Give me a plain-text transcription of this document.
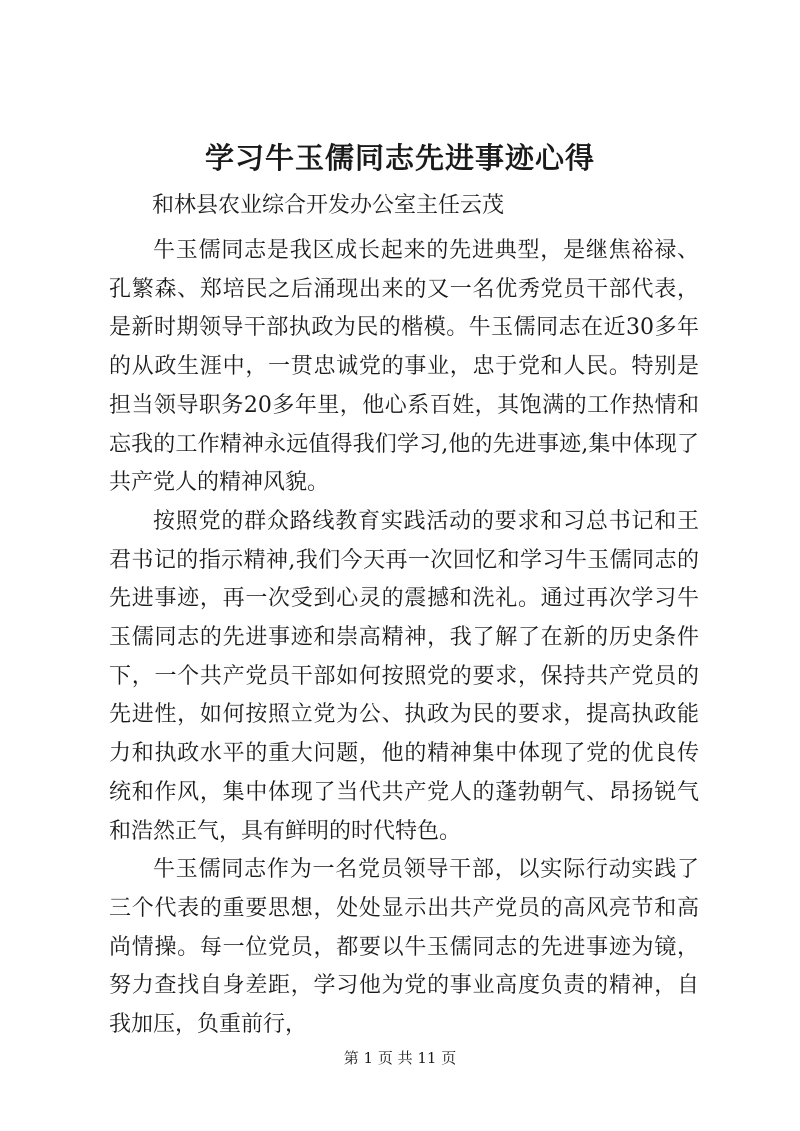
学习牛玉儒同志先进事迹心得

和林县农业综合开发办公室主任云茂

牛玉儒同志是我区成长起来的先进典型，是继焦裕禄、孔繁森、郑培民之后涌现出来的又一名优秀党员干部代表，是新时期领导干部执政为民的楷模。牛玉儒同志在近30多年的从政生涯中，一贯忠诚党的事业，忠于党和人民。特别是担当领导职务20多年里，他心系百姓，其饱满的工作热情和忘我的工作精神永远值得我们学习,他的先进事迹,集中体现了共产党人的精神风貌。

按照党的群众路线教育实践活动的要求和习总书记和王君书记的指示精神,我们今天再一次回忆和学习牛玉儒同志的先进事迹，再一次受到心灵的震撼和洗礼。通过再次学习牛玉儒同志的先进事迹和崇高精神，我了解了在新的历史条件下，一个共产党员干部如何按照党的要求，保持共产党员的先进性，如何按照立党为公、执政为民的要求，提高执政能力和执政水平的重大问题，他的精神集中体现了党的优良传统和作风，集中体现了当代共产党人的蓬勃朝气、昂扬锐气和浩然正气，具有鲜明的时代特色。

牛玉儒同志作为一名党员领导干部，以实际行动实践了三个代表的重要思想，处处显示出共产党员的高风亮节和高尚情操。每一位党员，都要以牛玉儒同志的先进事迹为镜，努力查找自身差距，学习他为党的事业高度负责的精神，自我加压，负重前行，

第 1 页 共 11 页
